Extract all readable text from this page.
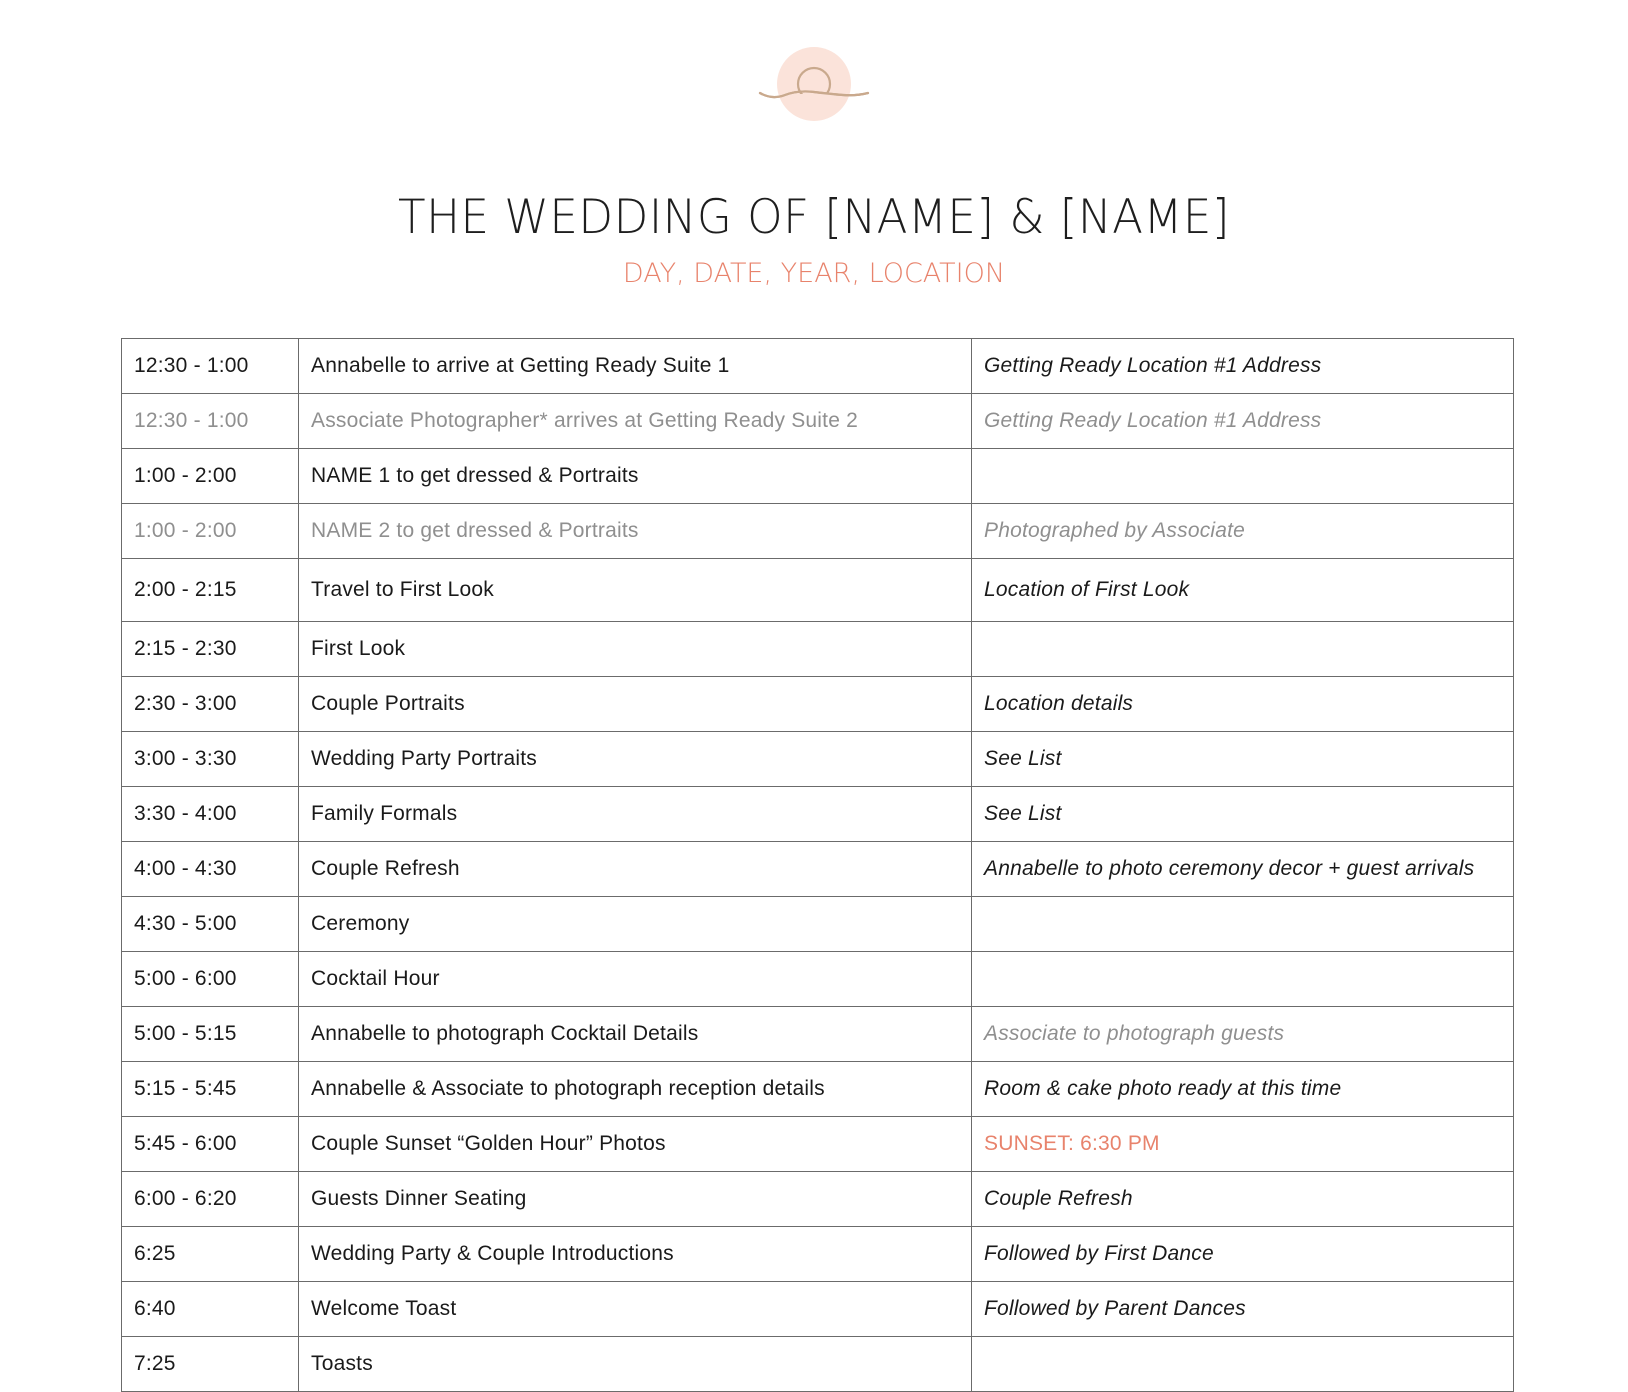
THE WEDDING OF [NAME] & [NAME]
DAY, DATE, YEAR, LOCATION
12:30 - 1:00	Annabelle to arrive at Getting Ready Suite 1	Getting Ready Location #1 Address
12:30 - 1:00	Associate Photographer* arrives at Getting Ready Suite 2	Getting Ready Location #1 Address
1:00 - 2:00	NAME 1 to get dressed & Portraits	
1:00 - 2:00	NAME 2 to get dressed & Portraits	Photographed by Associate
2:00 - 2:15	Travel to First Look	Location of First Look
2:15 - 2:30	First Look	
2:30 - 3:00	Couple Portraits	Location details
3:00 - 3:30	Wedding Party Portraits	See List
3:30 - 4:00	Family Formals	See List
4:00 - 4:30	Couple Refresh	Annabelle to photo ceremony decor + guest arrivals
4:30 - 5:00	Ceremony	
5:00 - 6:00	Cocktail Hour	
5:00 - 5:15	Annabelle to photograph Cocktail Details	Associate to photograph guests
5:15 - 5:45	Annabelle & Associate to photograph reception details	Room & cake photo ready at this time
5:45 - 6:00	Couple Sunset “Golden Hour” Photos	SUNSET: 6:30 PM
6:00 - 6:20	Guests Dinner Seating	Couple Refresh
6:25	Wedding Party & Couple Introductions	Followed by First Dance
6:40	Welcome Toast	Followed by Parent Dances
7:25	Toasts	
